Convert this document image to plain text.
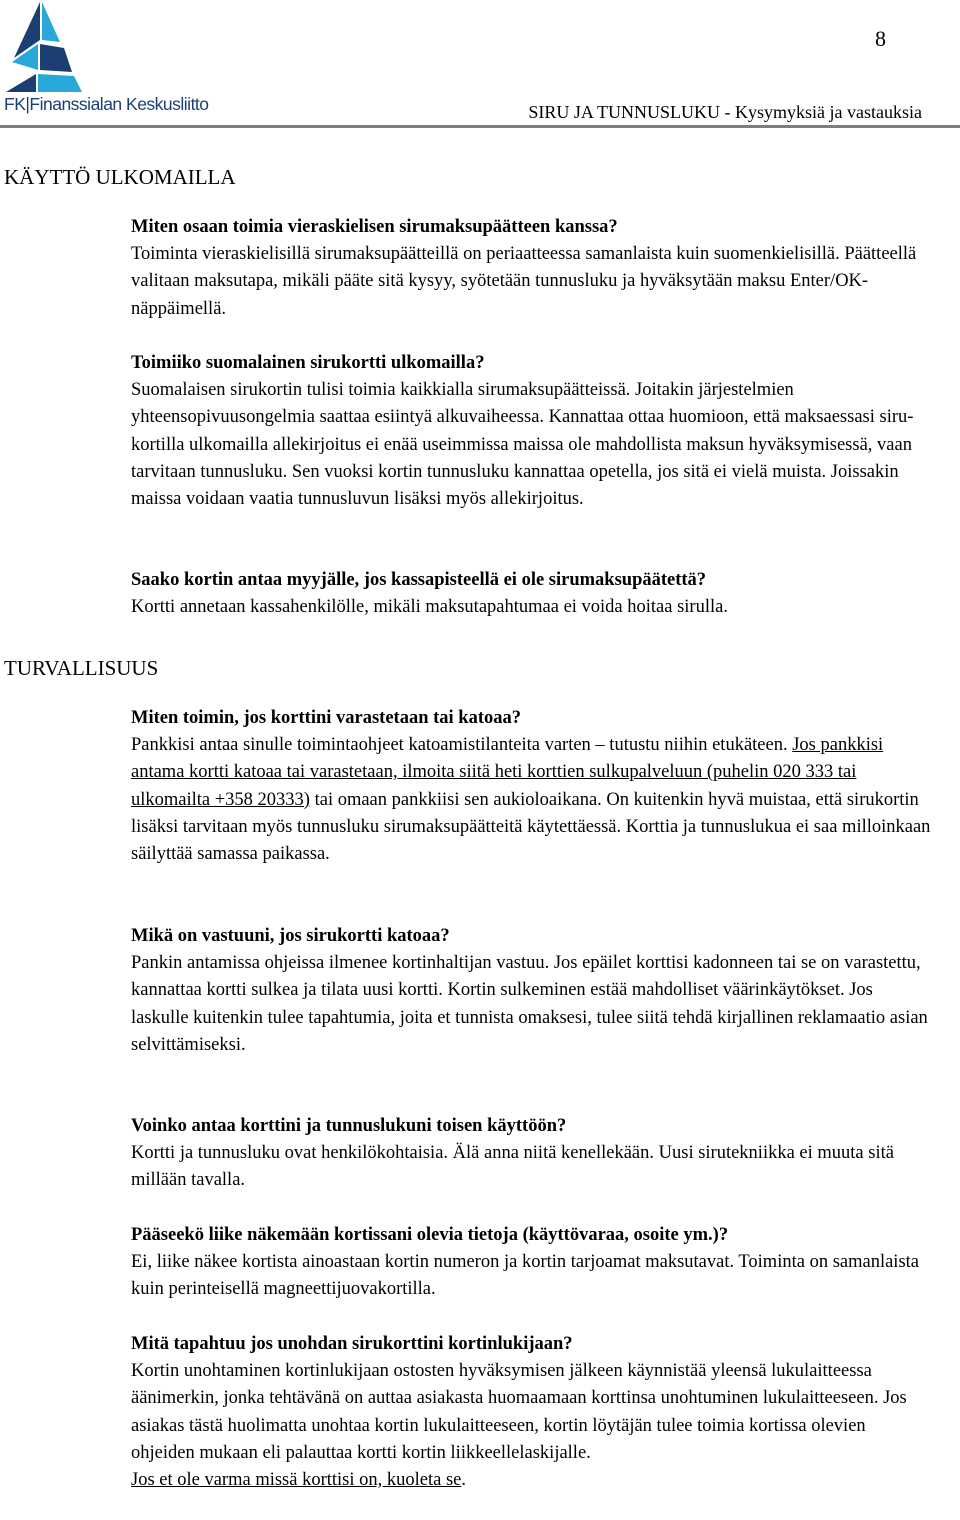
FK|Finanssialan Keskusliitto
8
SIRU JA TUNNUSLUKU - Kysymyksiä ja vastauksia
KÄYTTÖ ULKOMAILLA

Miten osaan toimia vieraskielisen sirumaksupäätteen kanssa?

Toiminta vieraskielisillä sirumaksupäätteillä on periaatteessa samanlaista kuin suomenkielisillä. Päätteellä valitaan maksutapa, mikäli pääte sitä kysyy, syötetään tunnusluku ja hyväksytään maksu Enter/OK-näppäimellä.

Toimiiko suomalainen sirukortti ulkomailla?

Suomalaisen sirukortin tulisi toimia kaikkialla sirumaksupäätteissä. Joitakin järjestelmien yhteensopivuusongelmia saattaa esiintyä alkuvaiheessa. Kannattaa ottaa huomioon, että maksaessasi siru-kortilla ulkomailla allekirjoitus ei enää useimmissa maissa ole mahdollista maksun hyväksymisessä, vaan tarvitaan tunnusluku. Sen vuoksi kortin tunnusluku kannattaa opetella, jos sitä ei vielä muista. Joissakin maissa voidaan vaatia tunnusluvun lisäksi myös allekirjoitus.

Saako kortin antaa myyjälle, jos kassapisteellä ei ole sirumaksupäätettä?

Kortti annetaan kassahenkilölle, mikäli maksutapahtumaa ei voida hoitaa sirulla.

TURVALLISUUS

Miten toimin, jos korttini varastetaan tai katoaa?

Pankkisi antaa sinulle toimintaohjeet katoamistilanteita varten – tutustu niihin etukäteen. Jos pankkisi antama kortti katoaa tai varastetaan, ilmoita siitä heti korttien sulkupalveluun (puhelin 020 333 tai ulkomailta +358 20333) tai omaan pankkiisi sen aukioloaikana. On kuitenkin hyvä muistaa, että sirukortin lisäksi tarvitaan myös tunnusluku sirumaksupäätteitä käytettäessä. Korttia ja tunnuslukua ei saa milloinkaan säilyttää samassa paikassa.

Mikä on vastuuni, jos sirukortti katoaa?

Pankin antamissa ohjeissa ilmenee kortinhaltijan vastuu. Jos epäilet korttisi kadonneen tai se on varastettu, kannattaa kortti sulkea ja tilata uusi kortti. Kortin sulkeminen estää mahdolliset väärinkäytökset. Jos laskulle kuitenkin tulee tapahtumia, joita et tunnista omaksesi, tulee siitä tehdä kirjallinen reklamaatio asian selvittämiseksi.

Voinko antaa korttini ja tunnuslukuni toisen käyttöön?

Kortti ja tunnusluku ovat henkilökohtaisia. Älä anna niitä kenellekään. Uusi sirutekniikka ei muuta sitä millään tavalla.

Pääseekö liike näkemään kortissani olevia tietoja (käyttövaraa, osoite ym.)?

Ei, liike näkee kortista ainoastaan kortin numeron ja kortin tarjoamat maksutavat. Toiminta on samanlaista kuin perinteisellä magneettijuovakortilla.

Mitä tapahtuu jos unohdan sirukorttini kortinlukijaan?

Kortin unohtaminen kortinlukijaan ostosten hyväksymisen jälkeen käynnistää yleensä lukulaitteessa äänimerkin, jonka tehtävänä on auttaa asiakasta huomaamaan korttinsa unohtuminen lukulaitteeseen. Jos asiakas tästä huolimatta unohtaa kortin lukulaitteeseen, kortin löytäjän tulee toimia kortissa olevien ohjeiden mukaan eli palauttaa kortti kortin liikkeellelaskijalle.

Jos et ole varma missä korttisi on, kuoleta se.
